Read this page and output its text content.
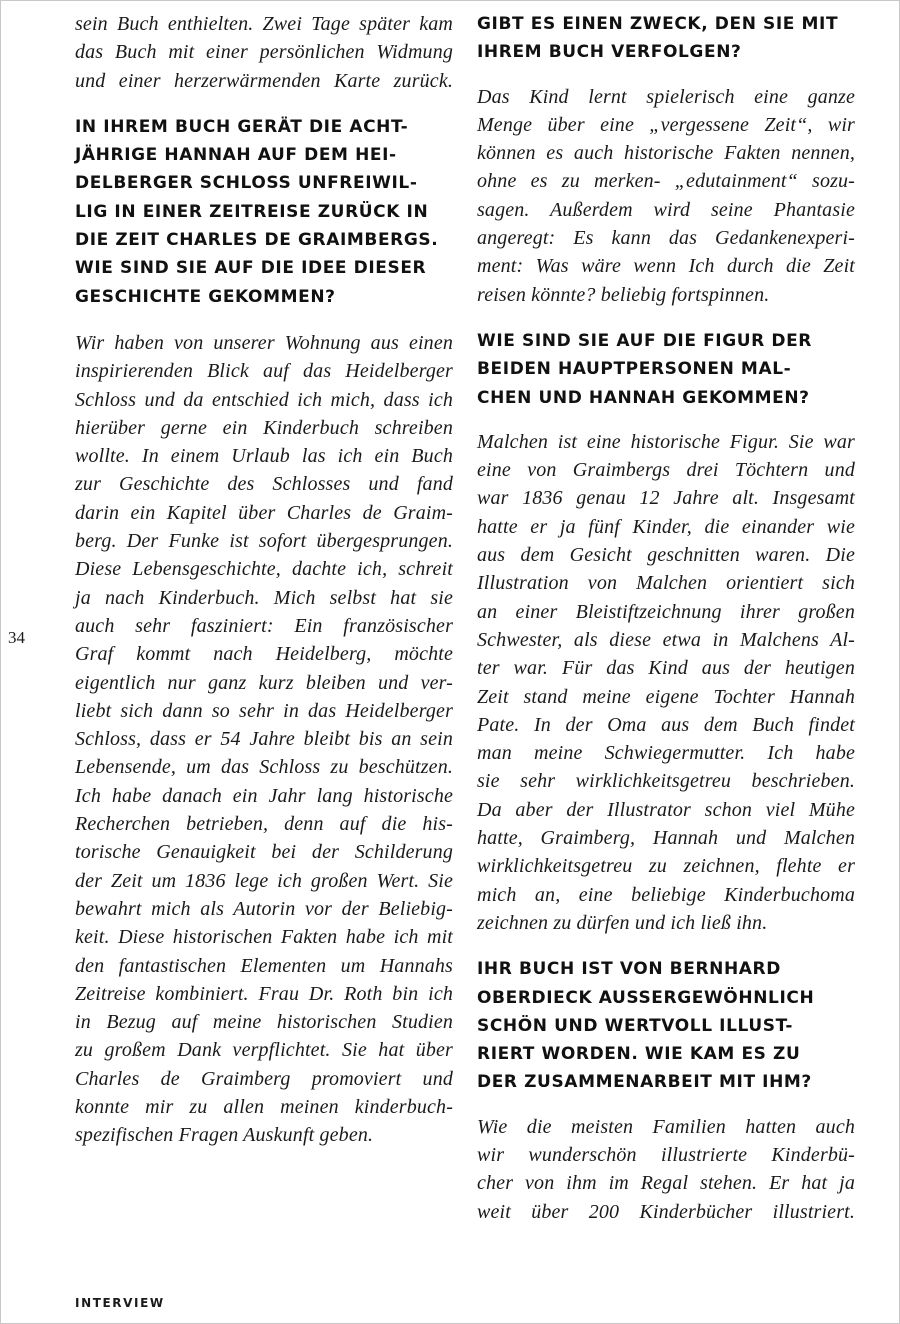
34
sein Buch enthielten. Zwei Tage später kam
das Buch mit einer persönlichen Widmung
und einer herzerwärmenden Karte zurück.
IN IHREM BUCH GERÄT DIE ACHT-
JÄHRIGE HANNAH AUF DEM HEI-
DELBERGER SCHLOSS UNFREIWIL-
LIG IN EINER ZEITREISE ZURÜCK IN
DIE ZEIT CHARLES DE GRAIMBERGS.
WIE SIND SIE AUF DIE IDEE DIESER
GESCHICHTE GEKOMMEN?
Wir haben von unserer Wohnung aus einen
inspirierenden Blick auf das Heidelberger
Schloss und da entschied ich mich, dass ich
hierüber gerne ein Kinderbuch schreiben
wollte. In einem Urlaub las ich ein Buch
zur Geschichte des Schlosses und fand
darin ein Kapitel über Charles de Graim-
berg. Der Funke ist sofort übergesprungen.
Diese Lebensgeschichte, dachte ich, schreit
ja nach Kinderbuch. Mich selbst hat sie
auch sehr fasziniert: Ein französischer
Graf kommt nach Heidelberg, möchte
eigentlich nur ganz kurz bleiben und ver-
liebt sich dann so sehr in das Heidelberger
Schloss, dass er 54 Jahre bleibt bis an sein
Lebensende, um das Schloss zu beschützen.
Ich habe danach ein Jahr lang historische
Recherchen betrieben, denn auf die his-
torische Genauigkeit bei der Schilderung
der Zeit um 1836 lege ich großen Wert. Sie
bewahrt mich als Autorin vor der Beliebig-
keit. Diese historischen Fakten habe ich mit
den fantastischen Elementen um Hannahs
Zeitreise kombiniert. Frau Dr. Roth bin ich
in Bezug auf meine historischen Studien
zu großem Dank verpflichtet. Sie hat über
Charles de Graimberg promoviert und
konnte mir zu allen meinen kinderbuch-
spezifischen Fragen Auskunft geben.
GIBT ES EINEN ZWECK, DEN SIE MIT
IHREM BUCH VERFOLGEN?
Das Kind lernt spielerisch eine ganze
Menge über eine „vergessene Zeit“, wir
können es auch historische Fakten nennen,
ohne es zu merken- „edutainment“ sozu-
sagen. Außerdem wird seine Phantasie
angeregt: Es kann das Gedankenexperi-
ment: Was wäre wenn Ich durch die Zeit
reisen könnte? beliebig fortspinnen.
WIE SIND SIE AUF DIE FIGUR DER
BEIDEN HAUPTPERSONEN MAL-
CHEN UND HANNAH GEKOMMEN?
Malchen ist eine historische Figur. Sie war
eine von Graimbergs drei Töchtern und
war 1836 genau 12 Jahre alt. Insgesamt
hatte er ja fünf Kinder, die einander wie
aus dem Gesicht geschnitten waren. Die
Illustration von Malchen orientiert sich
an einer Bleistiftzeichnung ihrer großen
Schwester, als diese etwa in Malchens Al-
ter war. Für das Kind aus der heutigen
Zeit stand meine eigene Tochter Hannah
Pate. In der Oma aus dem Buch findet
man meine Schwiegermutter. Ich habe
sie sehr wirklichkeitsgetreu beschrieben.
Da aber der Illustrator schon viel Mühe
hatte, Graimberg, Hannah und Malchen
wirklichkeitsgetreu zu zeichnen, flehte er
mich an, eine beliebige Kinderbuchoma
zeichnen zu dürfen und ich ließ ihn.
IHR BUCH IST VON BERNHARD
OBERDIECK AUSSERGEWÖHNLICH
SCHÖN UND WERTVOLL ILLUST-
RIERT WORDEN. WIE KAM ES ZU
DER ZUSAMMENARBEIT MIT IHM?
Wie die meisten Familien hatten auch
wir wunderschön illustrierte Kinderbü-
cher von ihm im Regal stehen. Er hat ja
weit über 200 Kinderbücher illustriert.
INTERVIEW
